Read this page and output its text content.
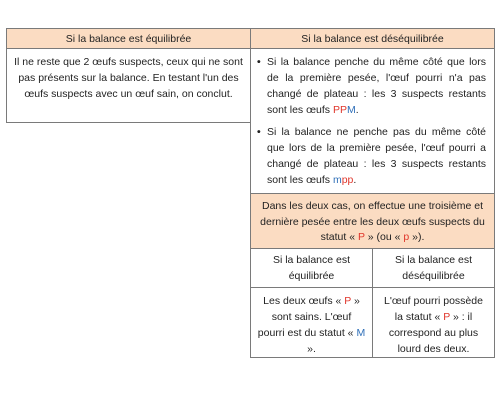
Si la balance est équilibrée	Si la balance est déséquilibrée
Il ne reste que 2 œufs suspects, ceux qui ne sont pas présents sur la balance. En testant l'un des œufs suspects avec un œuf sain, on conclut.
• Si la balance penche du même côté que lors de la première pesée, l'œuf pourri n'a pas changé de plateau : les 3 suspects restants sont les œufs PPM.
• Si la balance ne penche pas du même côté que lors de la première pesée, l'œuf pourri a changé de plateau : les 3 suspects restants sont les œufs mpp.
Dans les deux cas, on effectue une troisième et dernière pesée entre les deux œufs suspects du statut « P » (ou « p »).
Si la balance est équilibrée
Si la balance est déséquilibrée
Les deux œufs « P » sont sains. L'œuf pourri est du statut « M ».
L'œuf pourri possède la statut « P » : il correspond au plus lourd des deux.
